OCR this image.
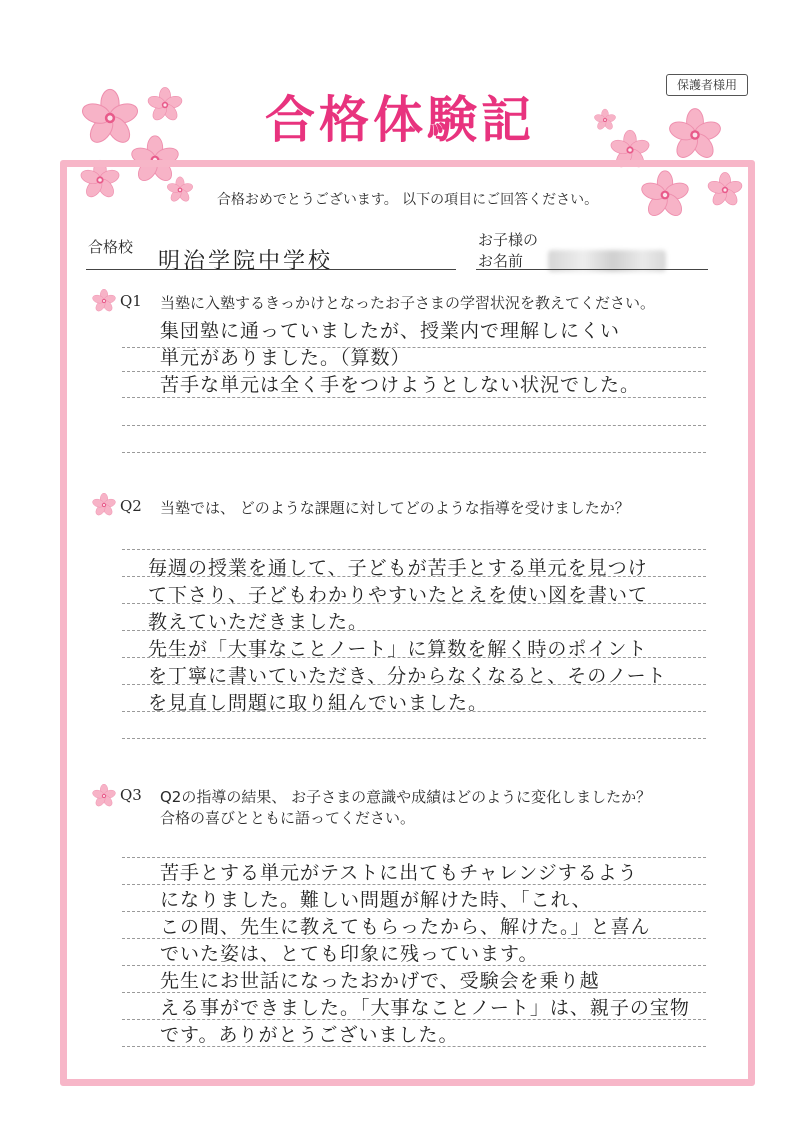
保護者様用
合格体験記
合格おめでとうございます。 以下の項目にご回答ください。
合格校
明治学院中学校
お子様の
お名前
Q1 当塾に入塾するきっかけとなったお子さまの学習状況を教えてください。
集団塾に通っていましたが、授業内で理解しにくい
単元がありました。（算数）
苦手な単元は全く手をつけようとしない状況でした。
Q2 当塾では、 どのような課題に対してどのような指導を受けましたか？
毎週の授業を通して、子どもが苦手とする単元を見つけ
て下さり、子どもわかりやすいたとえを使い図を書いて
教えていただきました。
先生が「大事なことノート」に算数を解く時のポイント
を丁寧に書いていただき、分からなくなると、そのノート
を見直し問題に取り組んでいました。
Q3 Q2の指導の結果、 お子さまの意識や成績はどのように変化しましたか？
合格の喜びとともに語ってください。
苦手とする単元がテストに出てもチャレンジするよう
になりました。難しい問題が解けた時、「これ、
この間、先生に教えてもらったから、解けた。」と喜ん
でいた姿は、とても印象に残っています。
先生にお世話になったおかげで、受験会を乗り越
える事ができました。「大事なことノート」は、親子の宝物
です。ありがとうございました。
